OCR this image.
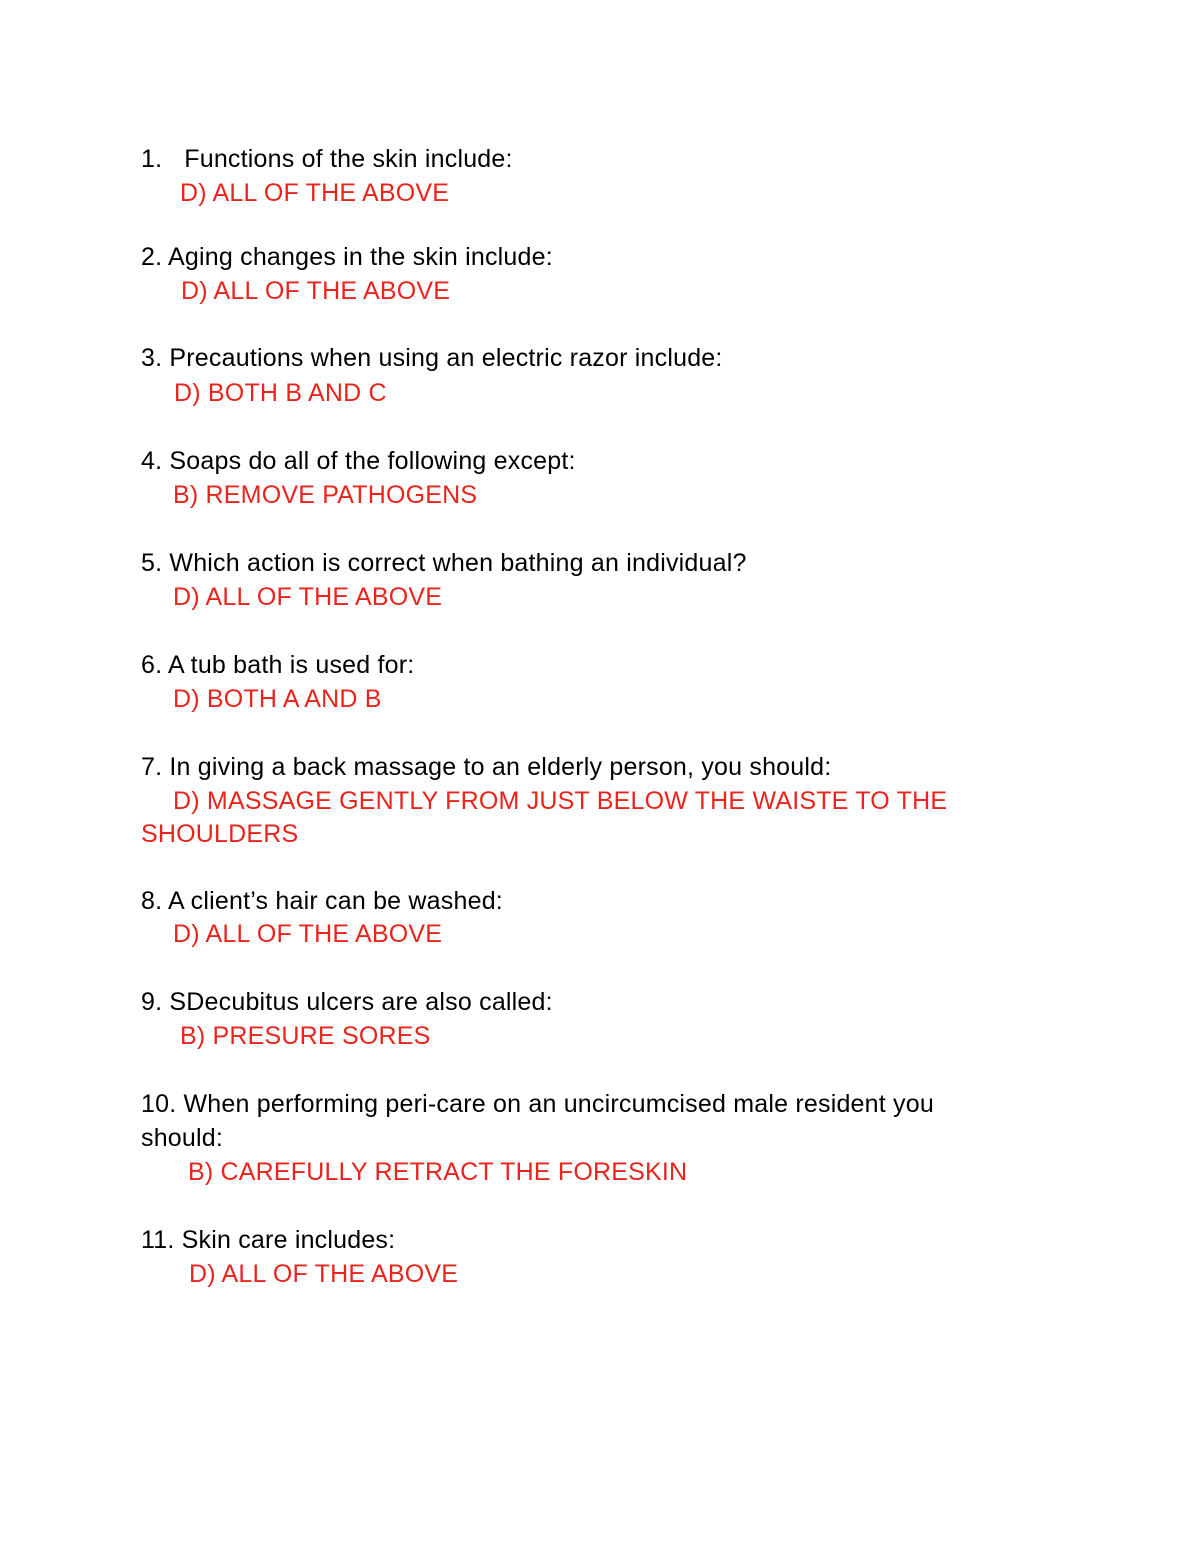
1. Functions of the skin include:
D) ALL OF THE ABOVE
2. Aging changes in the skin include:
D) ALL OF THE ABOVE
3. Precautions when using an electric razor include:
D) BOTH B AND C
4. Soaps do all of the following except:
B) REMOVE PATHOGENS
5. Which action is correct when bathing an individual?
D) ALL OF THE ABOVE
6. A tub bath is used for:
D) BOTH A AND B
7. In giving a back massage to an elderly person, you should:
D) MASSAGE GENTLY FROM JUST BELOW THE WAISTE TO THE
SHOULDERS
8. A client’s hair can be washed:
D) ALL OF THE ABOVE
9. SDecubitus ulcers are also called:
B) PRESURE SORES
10. When performing peri-care on an uncircumcised male resident you
should:
B) CAREFULLY RETRACT THE FORESKIN
11. Skin care includes:
D) ALL OF THE ABOVE
